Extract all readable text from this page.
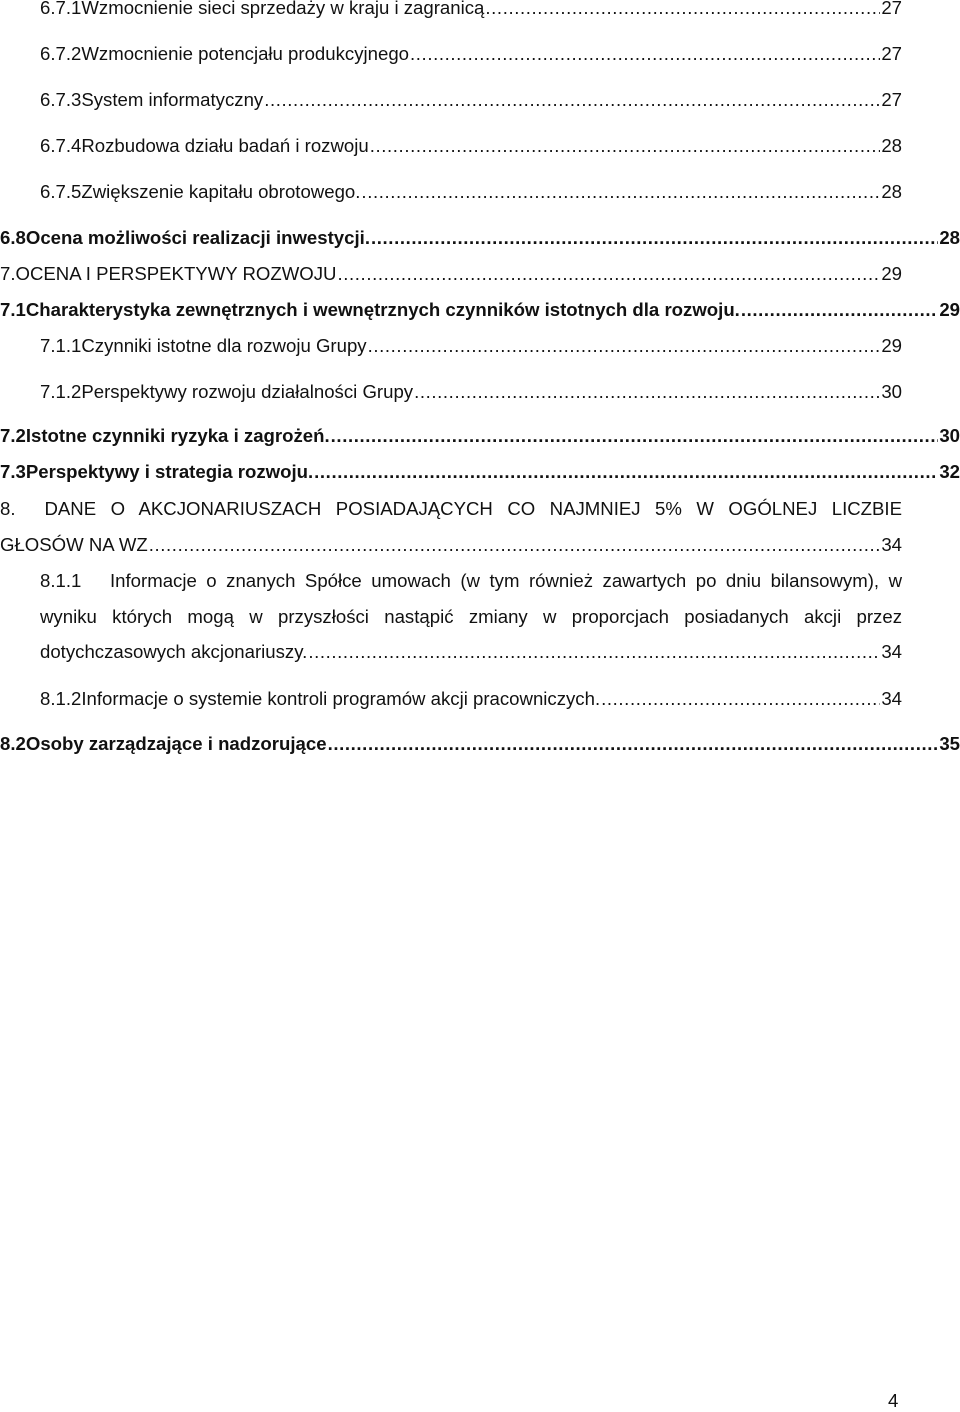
6.7.1 Wzmocnienie sieci sprzedaży w kraju i zagranicą .....	27
6.7.2 Wzmocnienie potencjału produkcyjnego .....	27
6.7.3 System informatyczny .....	27
6.7.4 Rozbudowa działu badań i rozwoju .....	28
6.7.5 Zwiększenie kapitału obrotowego. .....	28
6.8 Ocena możliwości realizacji inwestycji. .....	28
7. OCENA I PERSPEKTYWY ROZWOJU .....	29
7.1 Charakterystyka zewnętrznych i wewnętrznych czynników istotnych dla rozwoju. .....	29
7.1.1 Czynniki istotne dla rozwoju Grupy .....	29
7.1.2 Perspektywy rozwoju działalności Grupy .....	30
7.2 Istotne czynniki ryzyka i zagrożeń. .....	30
7.3 Perspektywy i strategia rozwoju. .....	32
8. DANE O AKCJONARIUSZACH POSIADAJĄCYCH CO NAJMNIEJ 5% W OGÓLNEJ LICZBIE
GŁOSÓW NA WZ .....	34
8.1.1	Informacje o znanych Spółce umowach (w tym również zawartych po dniu bilansowym), w
wyniku których mogą w przyszłości nastąpić zmiany w proporcjach posiadanych akcji przez
dotychczasowych akcjonariuszy. .....	34
8.1.2 Informacje o systemie kontroli programów akcji pracowniczych. .....	34
8.2 Osoby zarządzające i nadzorujące .....	35
4
